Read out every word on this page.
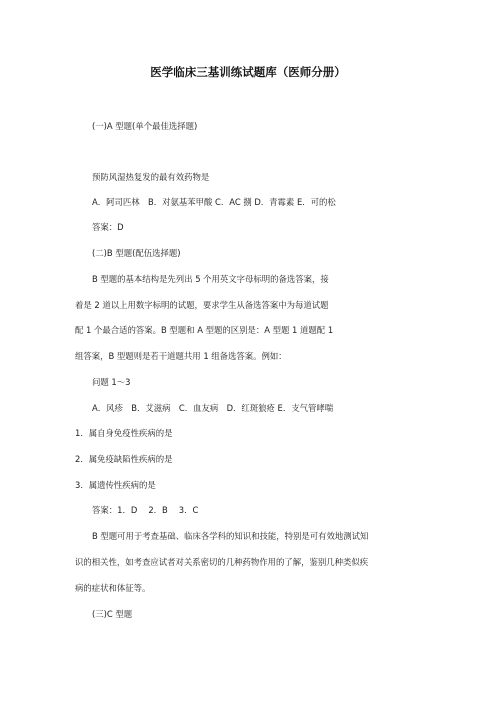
医学临床三基训练试题库（医师分册）
(一)A 型题(单个最佳选择题)
预防风湿热复发的最有效药物是
A．阿司匹林　B．对氨基苯甲酸 C．AC 捌 D．青霉素 E．可的松
答案：D
(二)B 型题(配伍选择题)
B 型题的基本结构是先列出 5 个用英文字母标明的备选答案，接
着是 2 道以上用数字标明的试题，要求学生从备选答案中为每道试题
配 1 个最合适的答案。B 型题和 A 型题的区别是：A 型题 1 道题配 1
组答案，B 型题则是若干道题共用 1 组备选答案。例如：
问题 1～3
A．风疹　B．艾滋病　C．血友病　D．红斑狼疮 E．支气管哮喘
1．属自身免疫性疾病的是
2．属免疫缺陷性疾病的是
3．属遗传性疾病的是
答案：1．D　 2．B　 3．C
B 型题可用于考查基础、临床各学科的知识和技能，特别是可有效地测试知
识的相关性，如考查应试者对关系密切的几种药物作用的了解，鉴别几种类似疾
病的症状和体征等。
(三)C 型题
